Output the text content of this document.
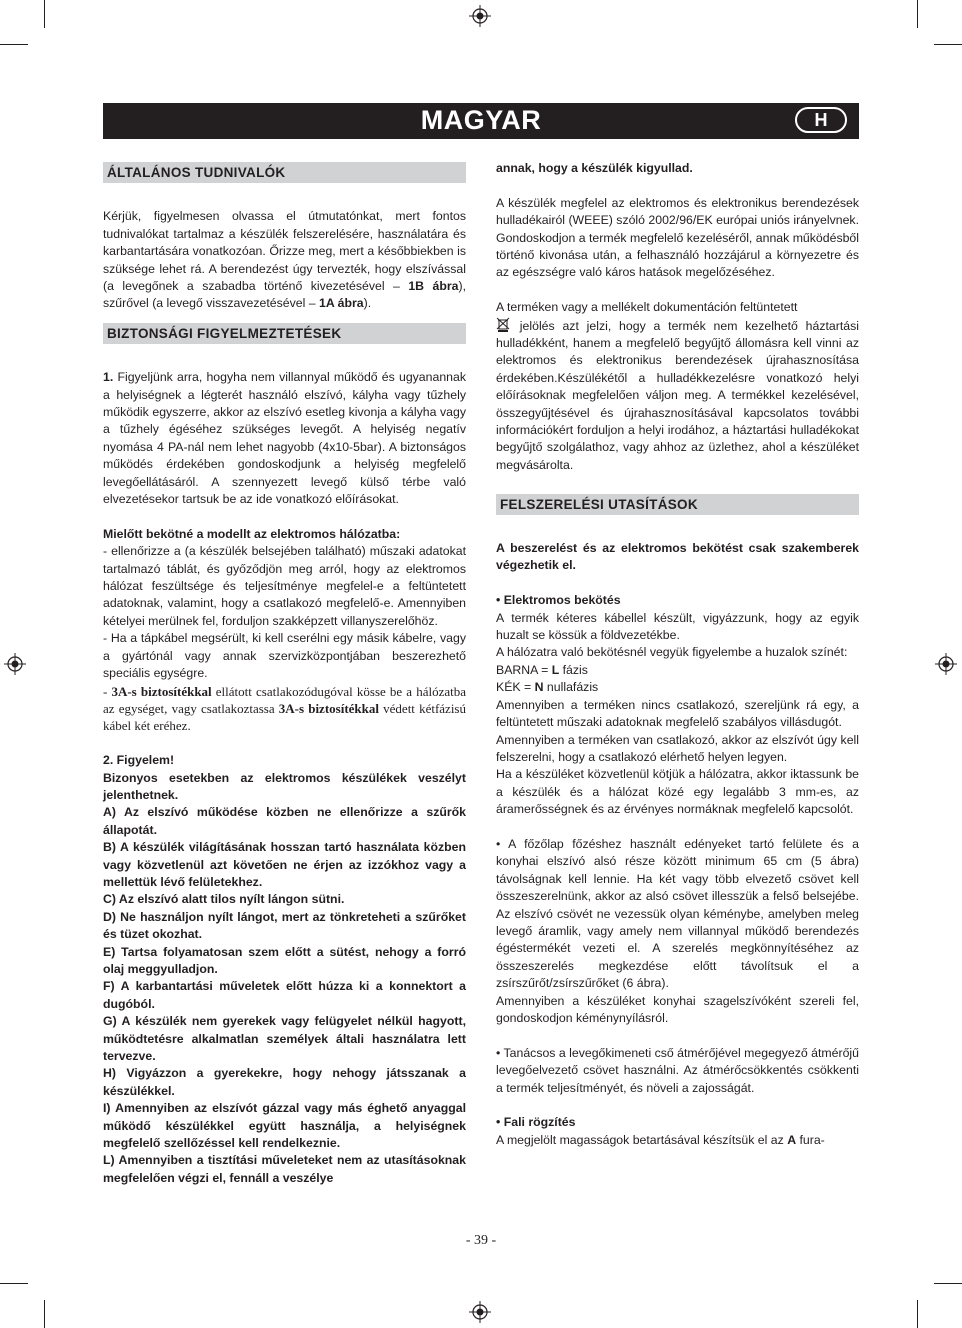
MAGYAR	H
ÁLTALÁNOS TUDNIVALÓK

Kérjük, figyelmesen olvassa el útmutatónkat, mert fontos tudnivalókat tartalmaz a készülék felszerelésére, használatára és karbantartására vonatkozóan. Őrizze meg, mert a későbbiekben is szüksége lehet rá. A berendezést úgy tervezték, hogy elszívással (a levegőnek a szabadba történő kivezetésével – 1B ábra), szűrővel (a levegő visszavezetésével – 1A ábra).

BIZTONSÁGI FIGYELMEZTETÉSEK

1. Figyeljünk arra, hogyha nem villannyal működő és ugyanannak a helyiségnek a légterét használó elszívó, kályha vagy tűzhely működik egyszerre, akkor az elszívó esetleg kivonja a kályha vagy a tűzhely égéséhez szükséges levegőt. A helyiség negatív nyomása 4 PA-nál nem lehet nagyobb (4x10-5bar). A biztonságos működés érdekében gondoskodjunk a helyiség megfelelő levegőellátásáról. A szennyezett levegő külső térbe való elvezetésekor tartsuk be az ide vonatkozó előírásokat.

Mielőtt bekötné a modellt az elektromos hálózatba:

- ellenőrizze a (a készülék belsejében található) műszaki adatokat tartalmazó táblát, és győződjön meg arról, hogy az elektromos hálózat feszültsége és teljesítménye megfelel-e a feltüntetett adatoknak, valamint, hogy a csatlakozó megfelelő-e. Amennyiben kételyei merülnek fel, forduljon szakképzett villanyszerelőhöz.

- Ha a tápkábel megsérült, ki kell cserélni egy másik kábelre, vagy a gyártónál vagy annak szervizközpontjában beszerezhető speciális egységre.

- 3A-s biztosítékkal ellátott csatlakozódugóval kösse be a hálózatba az egységet, vagy csatlakoztassa 3A-s biztosítékkal védett kétfázisú kábel két eréhez.

2. Figyelem!

Bizonyos esetekben az elektromos készülékek veszélyt jelenthetnek.

A) Az elszívó működése közben ne ellenőrizze a szűrők állapotát.

B) A készülék világításának hosszan tartó használata közben vagy közvetlenül azt követően ne érjen az izzókhoz vagy a mellettük lévő felületekhez.

C) Az elszívó alatt tilos nyílt lángon sütni.

D) Ne használjon nyílt lángot, mert az tönkreteheti a szűrőket és tüzet okozhat.

E) Tartsa folyamatosan szem előtt a sütést, nehogy a forró olaj meggyulladjon.

F) A karbantartási műveletek előtt húzza ki a konnektort a dugóból.

G) A készülék nem gyerekek vagy felügyelet nélkül hagyott, működtetésre alkalmatlan személyek általi használatra lett tervezve.

H) Vigyázzon a gyerekekre, hogy nehogy játsszanak a készülékkel.

I) Amennyiben az elszívót gázzal vagy más éghető anyaggal működő készülékkel együtt használja, a helyiségnek megfelelő szellőzéssel kell rendelkeznie.

L) Amennyiben a tisztítási műveleteket nem az utasításoknak megfelelően végzi el, fennáll a veszélye

annak, hogy a készülék kigyullad.

A készülék megfelel az elektromos és elektronikus berendezések hulladékairól (WEEE) szóló 2002/96/EK európai uniós irányelvnek. Gondoskodjon a termék megfelelő kezeléséről, annak működésből történő kivonása után, a felhasználó hozzájárul a környezetre és az egészségre való káros hatások megelőzéséhez.

A terméken vagy a mellékelt dokumentáción feltüntetett

jelölés azt jelzi, hogy a termék nem kezelhető háztartási hulladékként, hanem a megfelelő begyűjtő állomásra kell vinni az elektromos és elektronikus berendezések újrahasznosítása érdekében.Készülékétől a hulladékkezelésre vonatkozó helyi előírásoknak megfelelően váljon meg. A termékkel kezelésével, összegyűjtésével és újrahasznosításával kapcsolatos további információkért forduljon a helyi irodához, a háztartási hulladékokat begyűjtő szolgálathoz, vagy ahhoz az üzlethez, ahol a készüléket megvásárolta.

FELSZERELÉSI UTASÍTÁSOK

A beszerelést és az elektromos bekötést csak szakemberek végezhetik el.

• Elektromos bekötés

A termék kéteres kábellel készült, vigyázzunk, hogy az egyik huzalt se kössük a földvezetékbe.

A hálózatra való bekötésnél vegyük figyelembe a huzalok színét:

BARNA = L fázis

KÉK = N nullafázis

Amennyiben a terméken nincs csatlakozó, szereljünk rá egy, a feltüntetett műszaki adatoknak megfelelő szabályos villásdugót.

Amennyiben a terméken van csatlakozó, akkor az elszívót úgy kell felszerelni, hogy a csatlakozó elérhető helyen legyen.

Ha a készüléket közvetlenül kötjük a hálózatra, akkor iktassunk be a készülék és a hálózat közé egy legalább 3 mm-es, az áramerősségnek és az érvényes normáknak megfelelő kapcsolót.

• A főzőlap főzéshez használt edényeket tartó felülete és a konyhai elszívó alsó része között minimum 65 cm (5 ábra) távolságnak kell lennie. Ha két vagy több elvezető csövet kell összeszerelnünk, akkor az alsó csövet illesszük a felső belsejébe. Az elszívó csövét ne vezessük olyan kéménybe, amelyben meleg levegő áramlik, vagy amely nem villannyal működő berendezés égéstermékét vezeti el. A szerelés megkönnyítéséhez az összeszerelés megkezdése előtt távolítsuk el a zsírszűrőt/zsírszűrőket (6 ábra).

Amennyiben a készüléket konyhai szagelszívóként szereli fel, gondoskodjon kéménynyílásról.

• Tanácsos a levegőkimeneti cső átmérőjével megegyező átmérőjű levegőelvezető csövet használni. Az átmérőcsökkentés csökkenti a termék teljesítményét, és növeli a zajosságát.

• Fali rögzítés

A megjelölt magasságok betartásával készítsük el az A fura-

- 39 -
